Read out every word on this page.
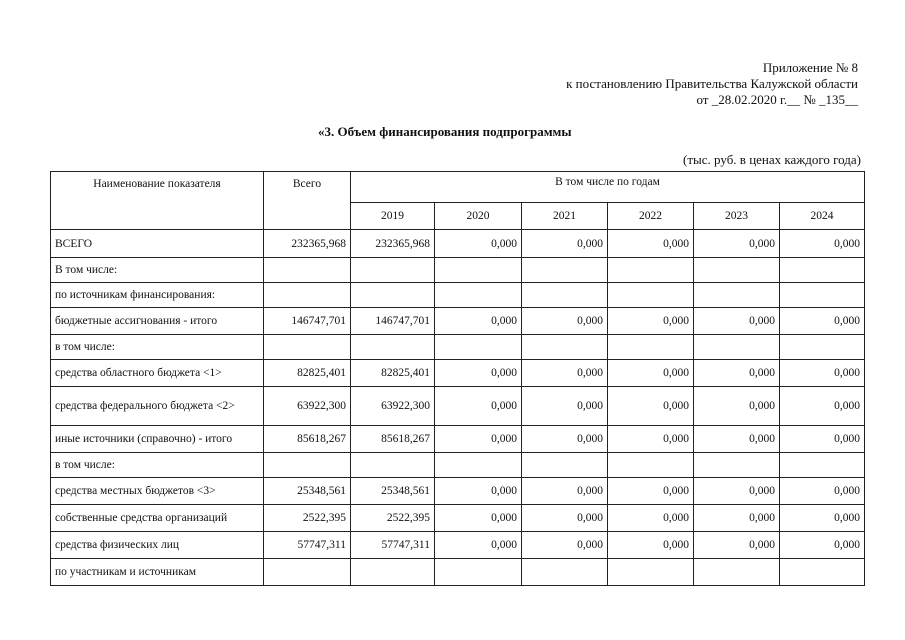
Приложение № 8
к постановлению Правительства Калужской области
от _28.02.2020 г.__ № _135__
«3. Объем финансирования подпрограммы
(тыс. руб. в ценах каждого года)
Наименование показателя	Всего	В том числе по годам					
		2019	2020	2021	2022	2023	2024
ВСЕГО	232365,968	232365,968	0,000	0,000	0,000	0,000	0,000
В том числе:							
по источникам финансирования:							
бюджетные ассигнования - итого	146747,701	146747,701	0,000	0,000	0,000	0,000	0,000
в том числе:							
средства областного бюджета <1>	82825,401	82825,401	0,000	0,000	0,000	0,000	0,000
средства федерального бюджета <2>	63922,300	63922,300	0,000	0,000	0,000	0,000	0,000
иные источники (справочно) - итого	85618,267	85618,267	0,000	0,000	0,000	0,000	0,000
в том числе:							
средства местных бюджетов <3>	25348,561	25348,561	0,000	0,000	0,000	0,000	0,000
собственные средства организаций	2522,395	2522,395	0,000	0,000	0,000	0,000	0,000
средства физических лиц	57747,311	57747,311	0,000	0,000	0,000	0,000	0,000
по участникам и источникам							
